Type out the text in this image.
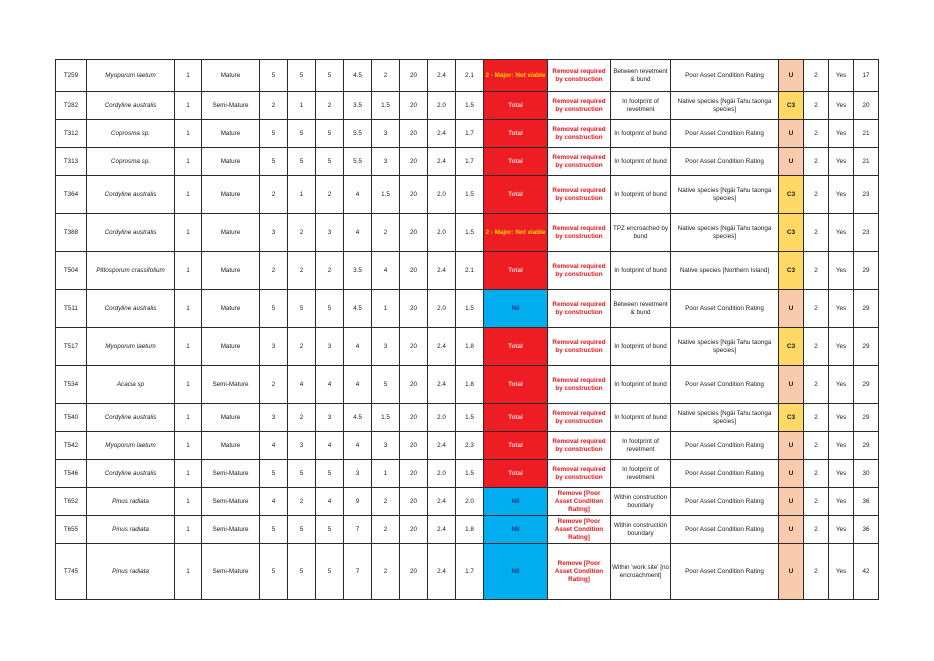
T259	Myoporum laetum	1	Mature	5	5	5	4.5	2	20	2.4	2.1	2 - Major: Not viable	Removal required by construction	Between revetment & bund	Poor Asset Condition Rating	U	2	Yes	17
T282	Cordyline australis	1	Semi-Mature	2	1	2	3.5	1.5	20	2.0	1.5	Total	Removal required by construction	In footprint of revetment	Native species [Ngāi Tahu taonga species]	C3	2	Yes	20
T312	Coprosma sp.	1	Mature	5	5	5	5.5	3	20	2.4	1.7	Total	Removal required by construction	In footprint of bund	Poor Asset Condition Rating	U	2	Yes	21
T313	Coprosma sp.	1	Mature	5	5	5	5.5	3	20	2.4	1.7	Total	Removal required by construction	In footprint of bund	Poor Asset Condition Rating	U	2	Yes	21
T364	Cordyline australis	1	Mature	2	1	2	4	1.5	20	2.0	1.5	Total	Removal required by construction	In footprint of bund	Native species [Ngāi Tahu taonga species]	C3	2	Yes	23
T388	Cordyline australis	1	Mature	3	2	3	4	2	20	2.0	1.5	2 - Major: Not viable	Removal required by construction	TPZ encroached by bund	Native species [Ngāi Tahu taonga species]	C3	2	Yes	23
T504	Pittosporum crassifolium	1	Mature	2	2	2	3.5	4	20	2.4	2.1	Total	Removal required by construction	In footprint of bund	Native species [Northern Island]	C3	2	Yes	29
T511	Cordyline australis	1	Mature	5	5	5	4.5	1	20	2.0	1.5	Nil	Removal required by construction	Between revetment & bund	Poor Asset Condition Rating	U	2	Yes	29
T517	Myoporum laetum	1	Mature	3	2	3	4	3	20	2.4	1.8	Total	Removal required by construction	In footprint of bund	Native species [Ngāi Tahu taonga species]	C3	2	Yes	29
T534	Acacia sp	1	Semi-Mature	2	4	4	4	5	20	2.4	1.8	Total	Removal required by construction	In footprint of bund	Poor Asset Condition Rating	U	2	Yes	29
T540	Cordyline australis	1	Mature	3	2	3	4.5	1.5	20	2.0	1.5	Total	Removal required by construction	In footprint of bund	Native species [Ngāi Tahu taonga species]	C3	2	Yes	29
T542	Myoporum laetum	1	Mature	4	3	4	4	3	20	2.4	2.3	Total	Removal required by construction	In footprint of revetment	Poor Asset Condition Rating	U	2	Yes	29
T546	Cordyline australis	1	Semi-Mature	5	5	5	3	1	20	2.0	1.5	Total	Removal required by construction	In footprint of revetment	Poor Asset Condition Rating	U	2	Yes	30
T652	Pinus radiata	1	Semi-Mature	4	2	4	9	2	20	2.4	2.0	Nil	Remove [Poor Asset Condition Rating]	Within construction boundary	Poor Asset Condition Rating	U	2	Yes	36
T655	Pinus radiata	1	Semi-Mature	5	5	5	7	2	20	2.4	1.8	Nil	Remove [Poor Asset Condition Rating]	Within construction boundary	Poor Asset Condition Rating	U	2	Yes	36
T745	Pinus radiata	1	Semi-Mature	5	5	5	7	2	20	2.4	1.7	Nil	Remove [Poor Asset Condition Rating]	Within 'work site' [no encroachment]	Poor Asset Condition Rating	U	2	Yes	42
